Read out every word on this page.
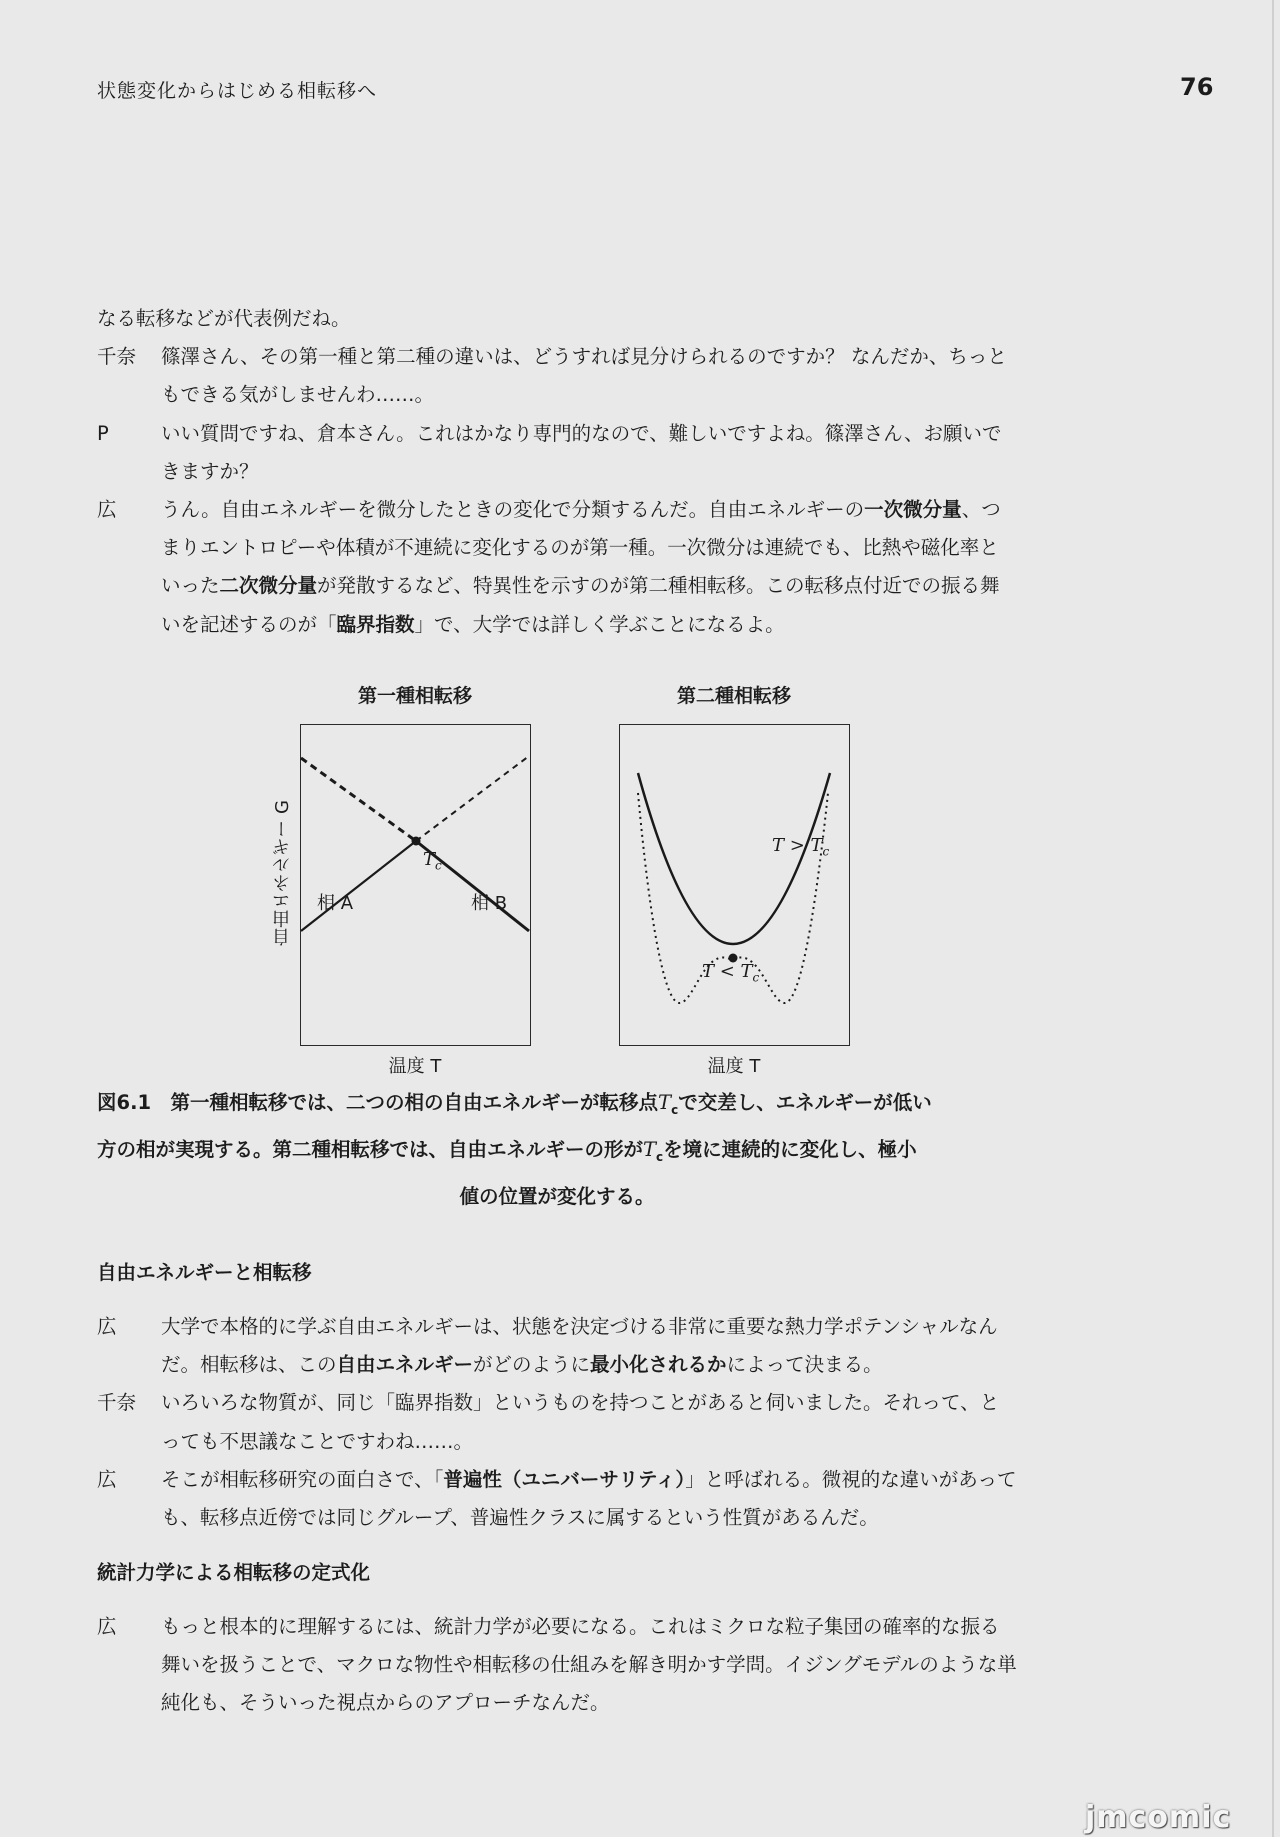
状態変化からはじめる相転移へ	76

なる転移などが代表例だね。

千奈 篠澤さん、その第一種と第二種の違いは、どうすれば見分けられるのですか？ なんだか、ちっともできる気がしませんわ……。

P	いい質問ですね、倉本さん。これはかなり専門的なので、難しいですよね。篠澤さん、お願いできますか？

広 うん。自由エネルギーを微分したときの変化で分類するんだ。自由エネルギーの一次微分量、つまりエントロピーや体積が不連続に変化するのが第一種。一次微分は連続でも、比熱や磁化率といった二次微分量が発散するなど、特異性を示すのが第二種相転移。この転移点付近での振る舞いを記述するのが「臨界指数」で、大学では詳しく学ぶことになるよ。

第一種相転移	第二種相転移
$T_c$
相 A	相 B
$T > T_c$
$T < T_c$
自由エネルギー G
温度 T	温度 T
図6.1　第一種相転移では、二つの相の自由エネルギーが転移点$T_c$で交差し、エネルギーが低い
方の相が実現する。第二種相転移では、自由エネルギーの形が$T_c$を境に連続的に変化し、極小
値の位置が変化する。
自由エネルギーと相転移

広 大学で本格的に学ぶ自由エネルギーは、状態を決定づける非常に重要な熱力学ポテンシャルなんだ。相転移は、この自由エネルギーがどのように最小化されるかによって決まる。

千奈 いろいろな物質が、同じ「臨界指数」というものを持つことがあると伺いました。それって、とっても不思議なことですわね……。

広 そこが相転移研究の面白さで、「普遍性（ユニバーサリティ）」と呼ばれる。微視的な違いがあっても、転移点近傍では同じグループ、普遍性クラスに属するという性質があるんだ。

統計力学による相転移の定式化

広 もっと根本的に理解するには、統計力学が必要になる。これはミクロな粒子集団の確率的な振る舞いを扱うことで、マクロな物性や相転移の仕組みを解き明かす学問。イジングモデルのような単純化も、そういった視点からのアプローチなんだ。

jmcomic
